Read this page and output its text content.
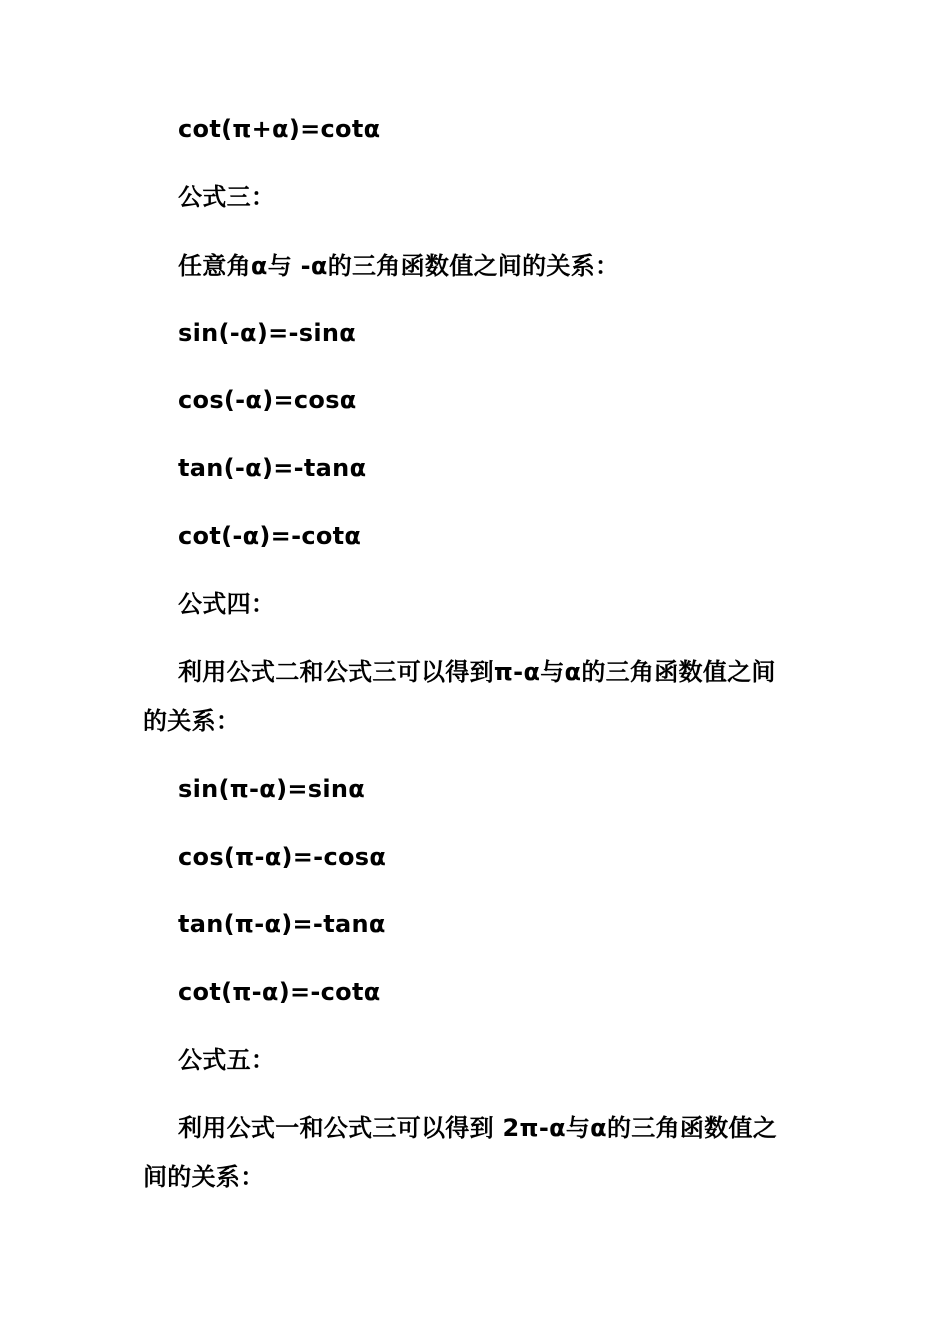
cot(π+α)=cotα
公式三：
任意角α与 -α的三角函数值之间的关系：
sin(-α)=-sinα
cos(-α)=cosα
tan(-α)=-tanα
cot(-α)=-cotα
公式四：
利用公式二和公式三可以得到π-α与α的三角函数值之间
的关系：
sin(π-α)=sinα
cos(π-α)=-cosα
tan(π-α)=-tanα
cot(π-α)=-cotα
公式五：
利用公式一和公式三可以得到 2π-α与α的三角函数值之
间的关系：
